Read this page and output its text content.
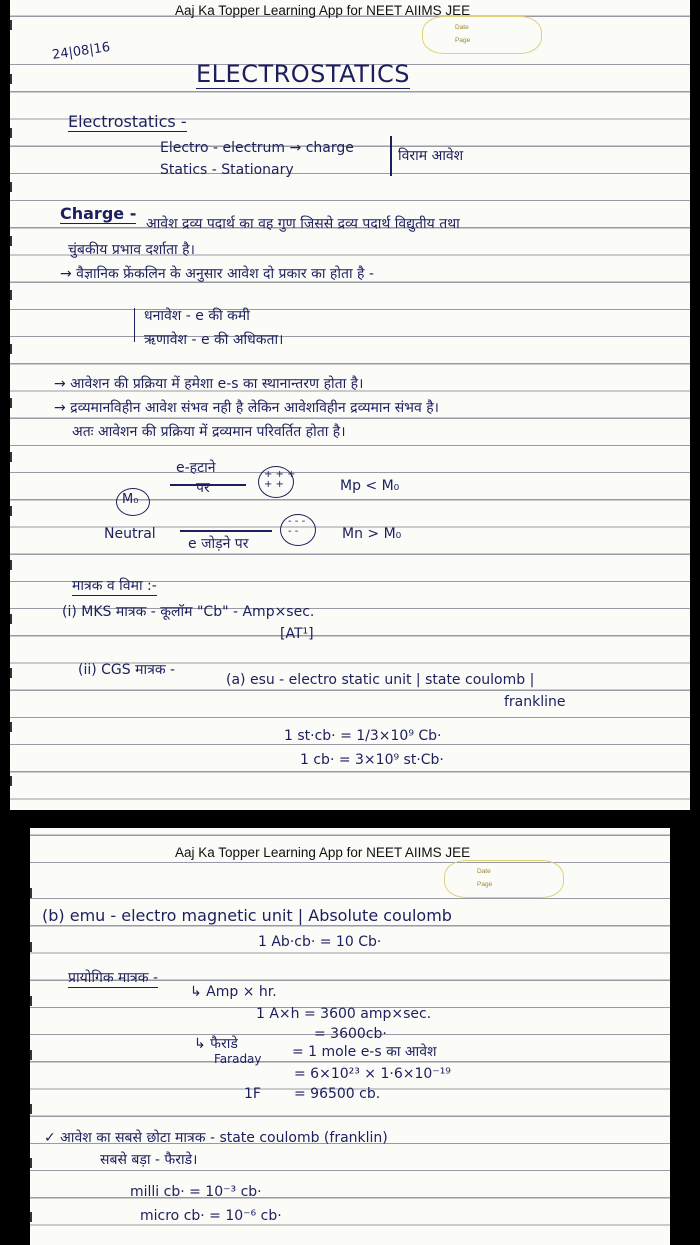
Aaj Ka Topper Learning App for NEET AIIMS JEE
Date
Page
24|08|16
ELECTROSTATICS
Electrostatics -
Electro - electrum → charge
Statics - Stationary
विराम आवेश
Charge -
आवेश द्रव्य पदार्थ का वह गुण जिससे द्रव्य पदार्थ विद्युतीय तथा
चुंबकीय प्रभाव दर्शाता है।
→ वैज्ञानिक फ्रेंकलिन के अनुसार आवेश दो प्रकार का होता है -
धनावेश - e की कमी
ऋणावेश - e की अधिकता।
→ आवेशन की प्रक्रिया में हमेशा e-s का स्थानान्तरण होता है।
→ द्रव्यमानविहीन आवेश संभव नही है लेकिन आवेशविहीन द्रव्यमान संभव है।
अतः आवेशन की प्रक्रिया में द्रव्यमान परिवर्तित होता है।
M₀
e-हटाने
पर
+ + +
+ +	Mp < M₀
Neutral
e जोड़ने पर
- - -
- -	Mn > M₀
मात्रक व विमा :-
(i) MKS मात्रक - कूलॉम "Cb" - Amp×sec.
[AT¹]
(ii) CGS मात्रक -
(a) esu - electro static unit | state coulomb |
frankline
1 st·cb· = 1/3×10⁹ Cb·
1 cb· = 3×10⁹ st·Cb·
Aaj Ka Topper Learning App for NEET AIIMS JEE
Date
Page
(b) emu - electro magnetic unit | Absolute coulomb
1 Ab·cb· = 10 Cb·
प्रायोगिक मात्रक -
↳ Amp × hr.
1 A×h = 3600 amp×sec.
= 3600cb·
↳ फैराडे
Faraday = 1 mole e-s का आवेश
= 6×10²³ × 1·6×10⁻¹⁹
1F = 96500 cb.
✓ आवेश का सबसे छोटा मात्रक - state coulomb (franklin)
सबसे बड़ा - फैराडे।
milli cb· = 10⁻³ cb·
micro cb· = 10⁻⁶ cb·
